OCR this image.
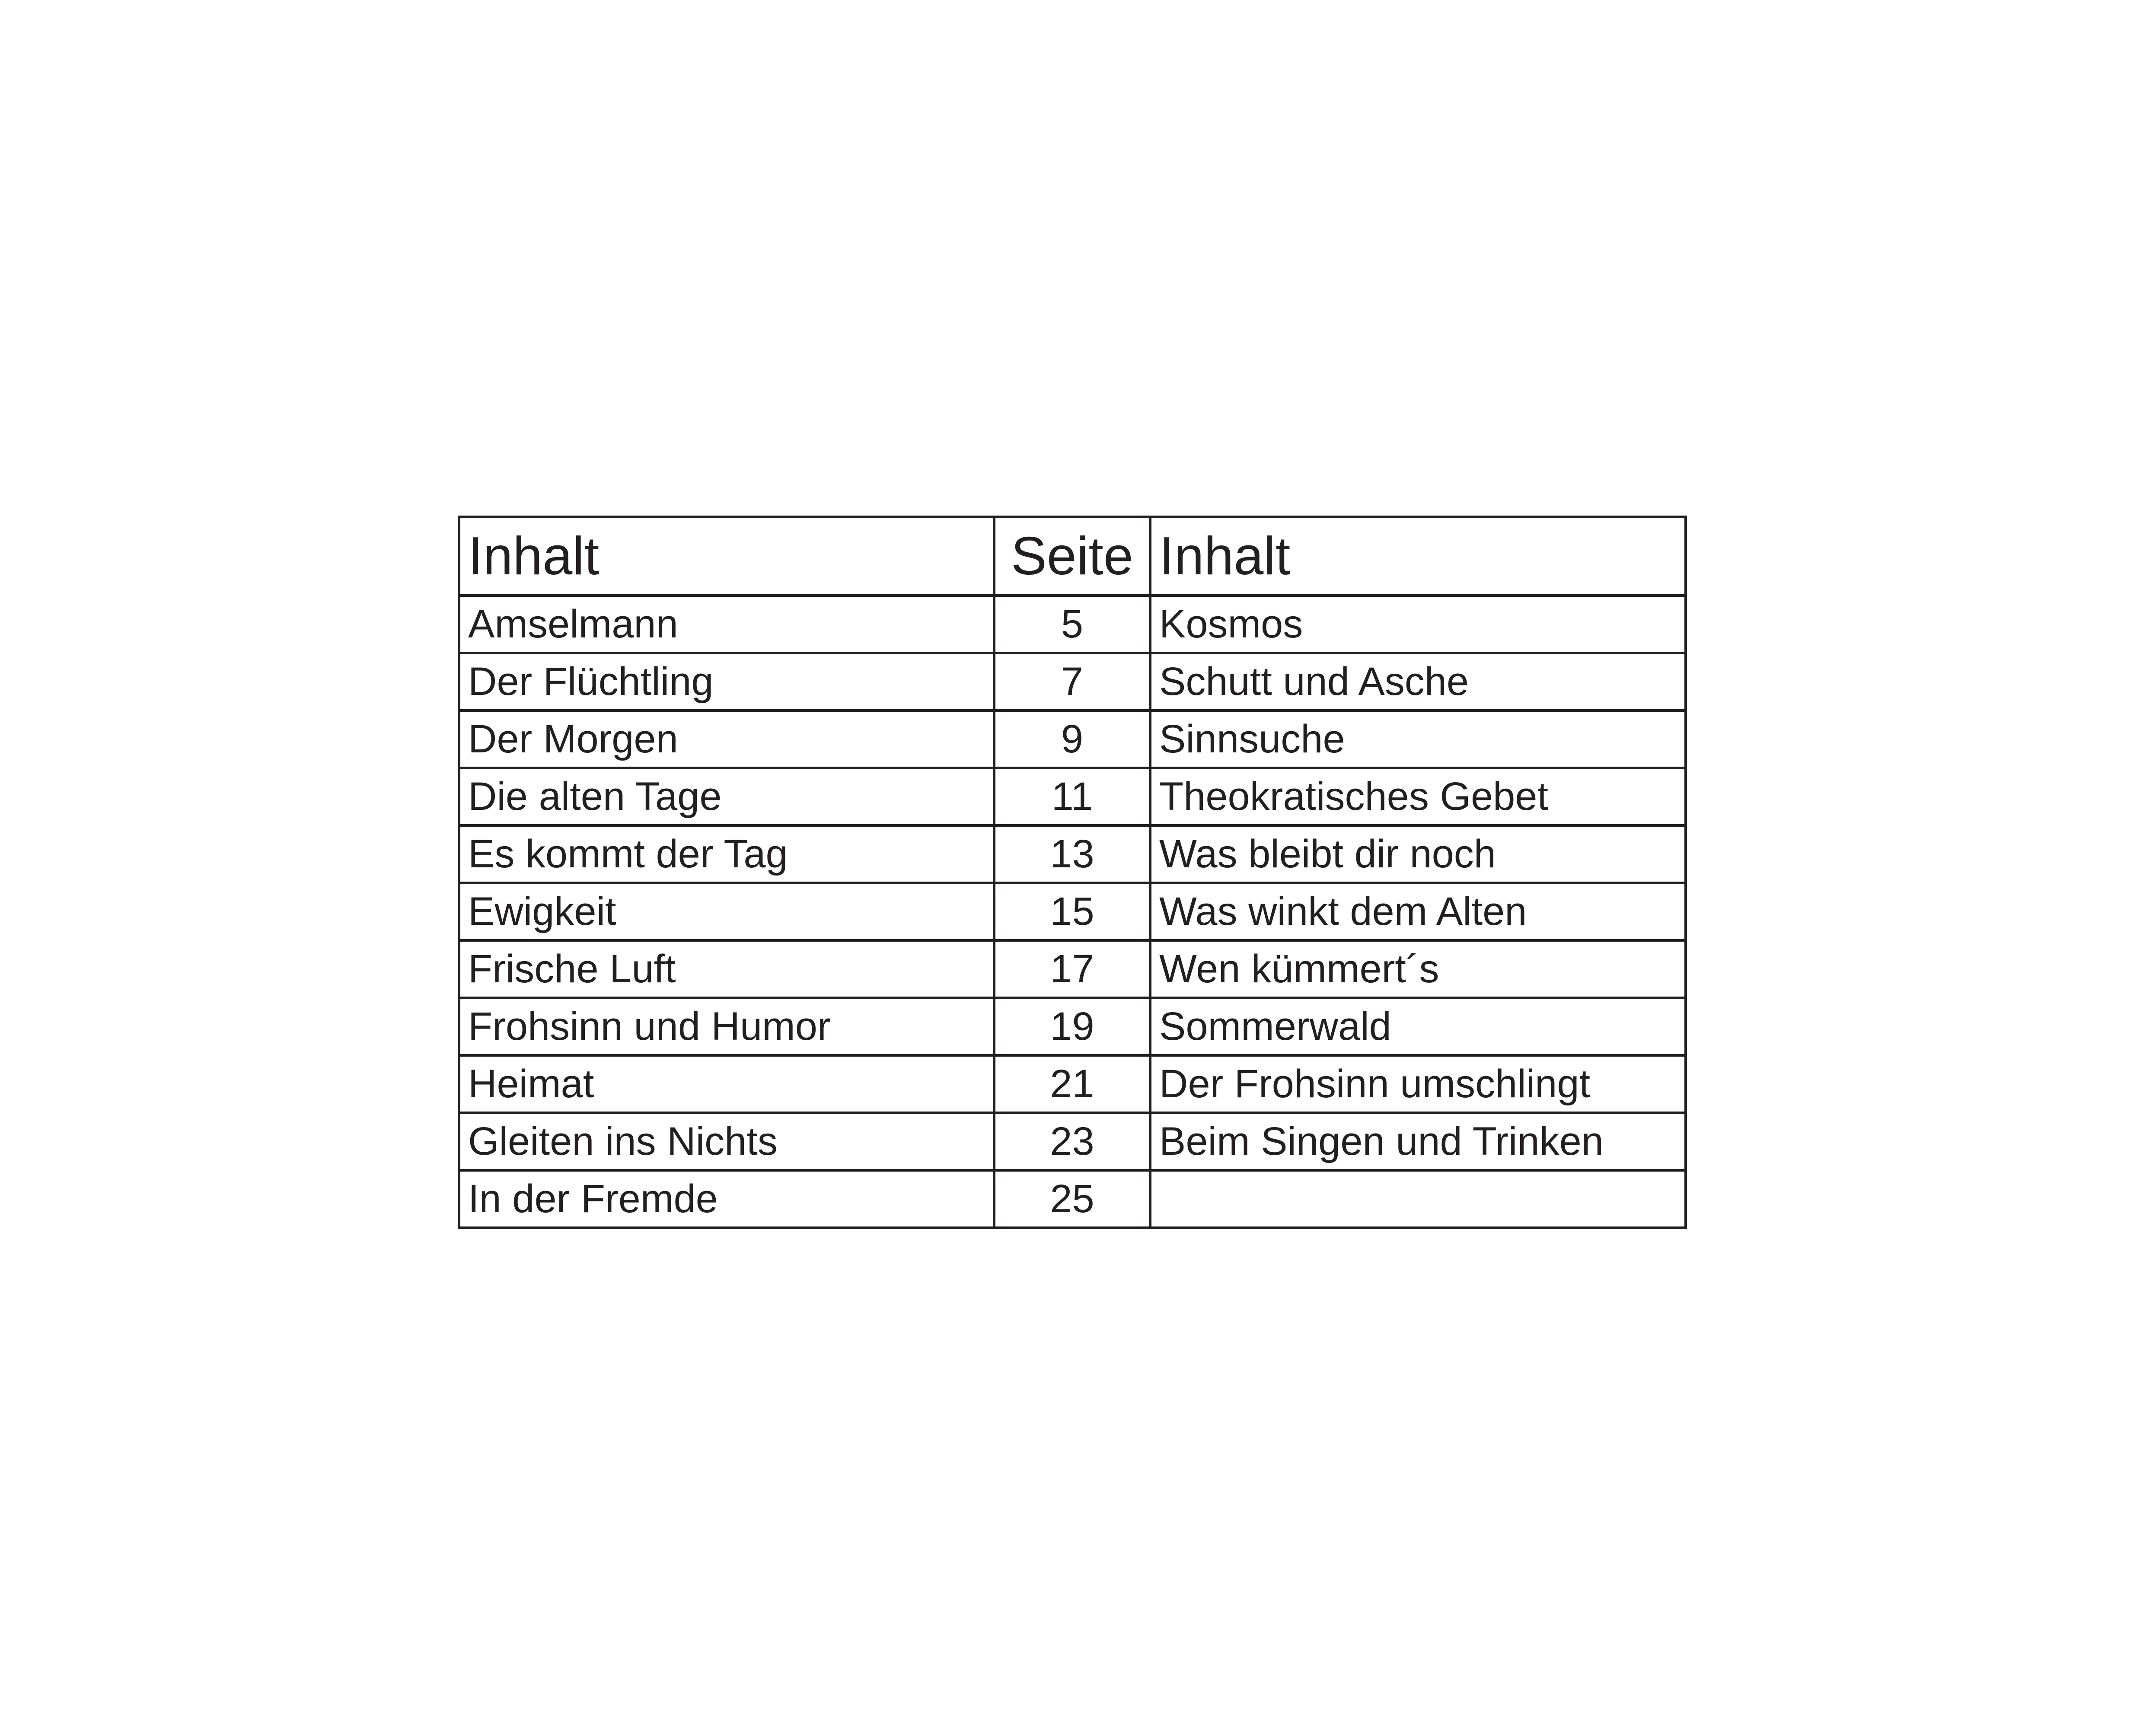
Inhalt	Seite	Inhalt
Amselmann	5	Kosmos
Der Flüchtling	7	Schutt und Asche
Der Morgen	9	Sinnsuche
Die alten Tage	11	Theokratisches Gebet
Es kommt der Tag	13	Was bleibt dir noch
Ewigkeit	15	Was winkt dem Alten
Frische Luft	17	Wen kümmert´s
Frohsinn und Humor	19	Sommerwald
Heimat	21	Der Frohsinn umschlingt
Gleiten ins Nichts	23	Beim Singen und Trinken
In der Fremde	25	
